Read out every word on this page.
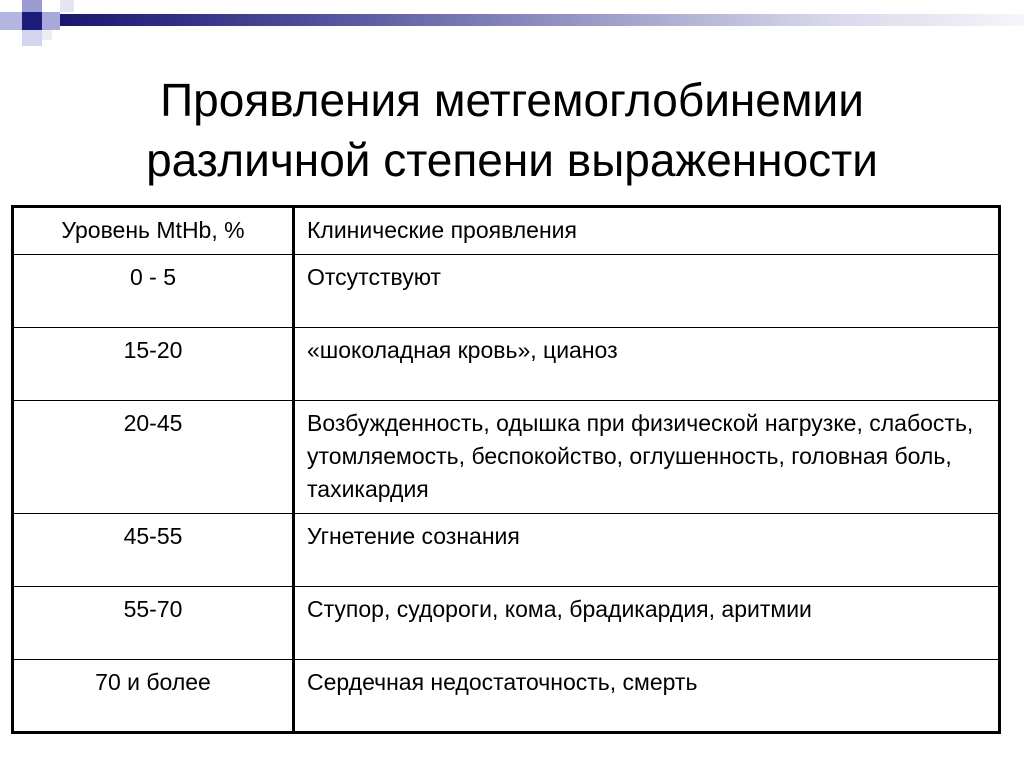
Проявления метгемоглобинемии
различной степени выраженности
Уровень MtHb, %	Клинические проявления
0 - 5	Отсутствуют
15-20	«шоколадная кровь», цианоз
20-45	Возбужденность, одышка при физической нагрузке, слабость, утомляемость, беспокойство, оглушенность, головная боль, тахикардия
45-55	Угнетение сознания
55-70	Ступор, судороги, кома, брадикардия, аритмии
70 и более	Сердечная недостаточность, смерть
